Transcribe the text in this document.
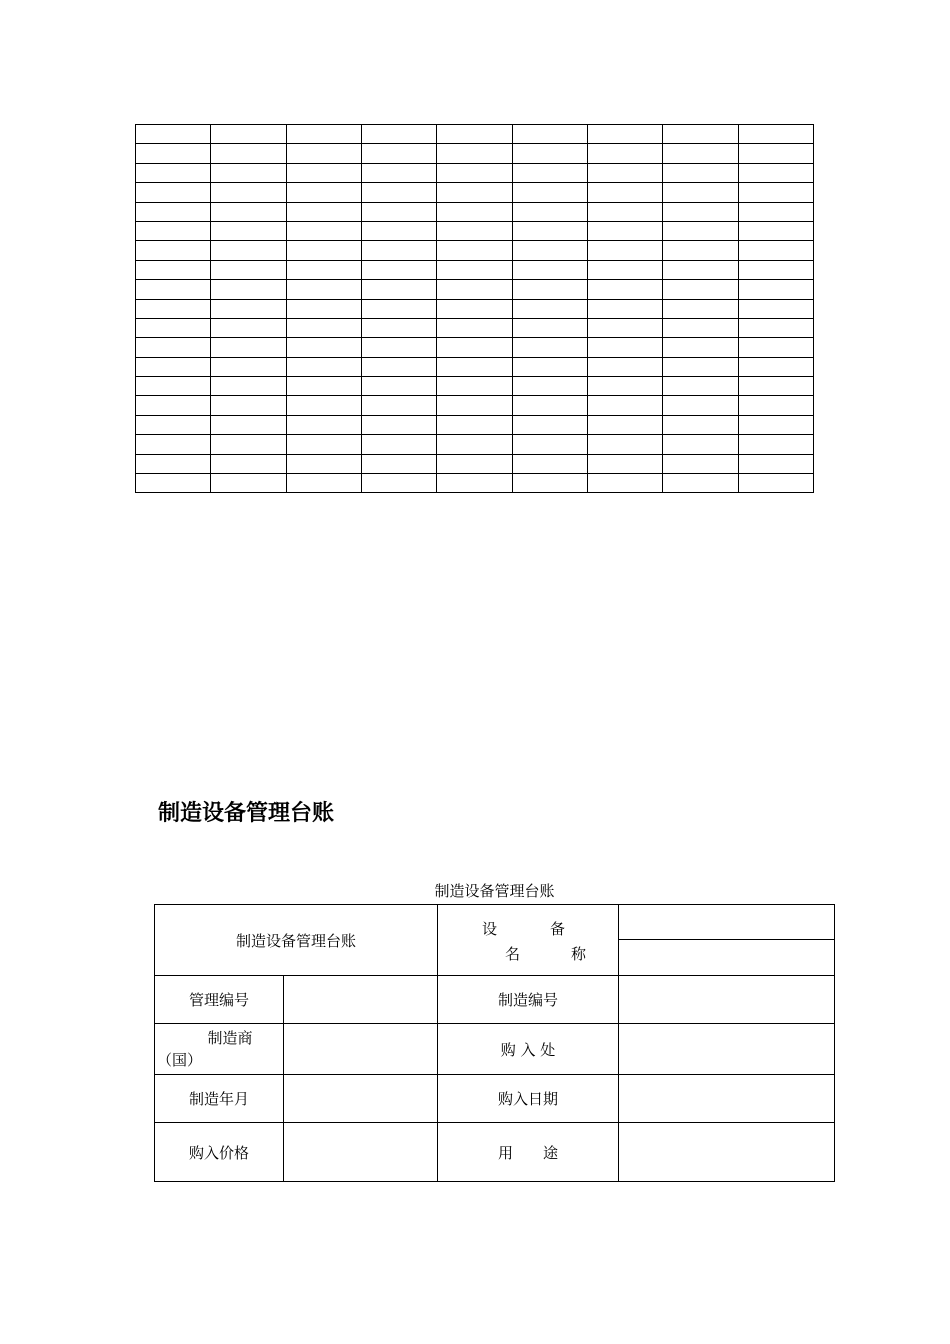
制造设备管理台账
制造设备管理台账
制造设备管理台账		设 备
名 称	

管理编号		制造编号	

制造商
（国）		购 入 处	
制造年月		购入日期	
购入价格		用　　途	
